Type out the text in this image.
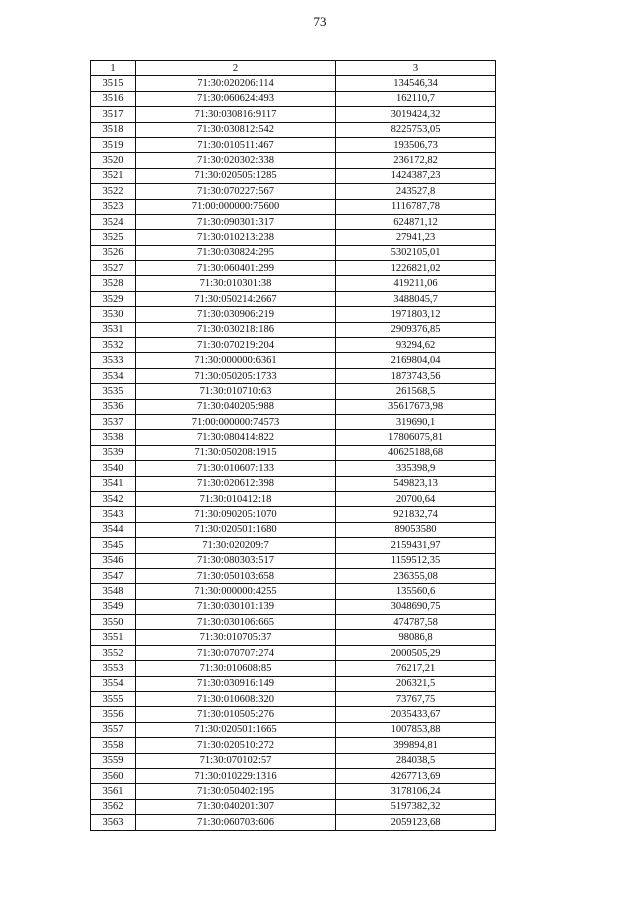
73
1	2	3
3515	71:30:020206:114	134546,34
3516	71:30:060624:493	162110,7
3517	71:30:030816:9117	3019424,32
3518	71:30:030812:542	8225753,05
3519	71:30:010511:467	193506,73
3520	71:30:020302:338	236172,82
3521	71:30:020505:1285	1424387,23
3522	71:30:070227:567	243527,8
3523	71:00:000000:75600	1116787,78
3524	71:30:090301:317	624871,12
3525	71:30:010213:238	27941,23
3526	71:30:030824:295	5302105,01
3527	71:30:060401:299	1226821,02
3528	71:30:010301:38	419211,06
3529	71:30:050214:2667	3488045,7
3530	71:30:030906:219	1971803,12
3531	71:30:030218:186	2909376,85
3532	71:30:070219:204	93294,62
3533	71:30:000000:6361	2169804,04
3534	71:30:050205:1733	1873743,56
3535	71:30:010710:63	261568,5
3536	71:30:040205:988	35617673,98
3537	71:00:000000:74573	319690,1
3538	71:30:080414:822	17806075,81
3539	71:30:050208:1915	40625188,68
3540	71:30:010607:133	335398,9
3541	71:30:020612:398	549823,13
3542	71:30:010412:18	20700,64
3543	71:30:090205:1070	921832,74
3544	71:30:020501:1680	89053580
3545	71:30:020209:7	2159431,97
3546	71:30:080303:517	1159512,35
3547	71:30:050103:658	236355,08
3548	71:30:000000:4255	135560,6
3549	71:30:030101:139	3048690,75
3550	71:30:030106:665	474787,58
3551	71:30:010705:37	98086,8
3552	71:30:070707:274	2000505,29
3553	71:30:010608:85	76217,21
3554	71:30:030916:149	206321,5
3555	71:30:010608:320	73767,75
3556	71:30:010505:276	2035433,67
3557	71:30:020501:1665	1007853,88
3558	71:30:020510:272	399894,81
3559	71:30:070102:57	284038,5
3560	71:30:010229:1316	4267713,69
3561	71:30:050402:195	3178106,24
3562	71:30:040201:307	5197382,32
3563	71:30:060703:606	2059123,68
